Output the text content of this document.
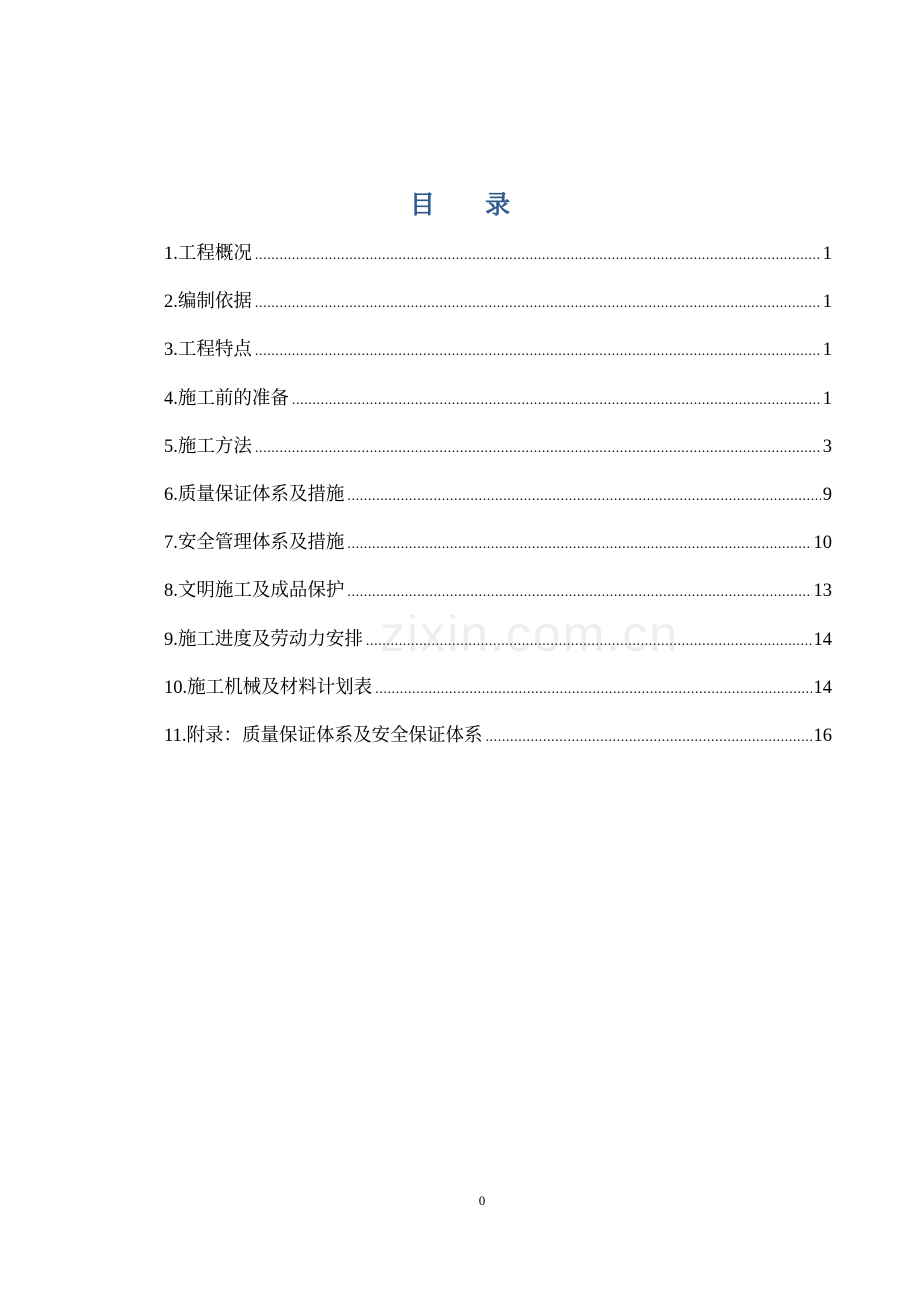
目 录
1.工程概况 .....	1
2.编制依据 .....	1
3.工程特点 .....	1
4.施工前的准备 .....	1
5.施工方法 .....	3
6.质量保证体系及措施 .....	9
7.安全管理体系及措施 .....	10
8.文明施工及成品保护 .....	13
9.施工进度及劳动力安排 .....	14
10.施工机械及材料计划表 .....	14
11.附录：质量保证体系及安全保证体系 .....	16
zixin.com.cn
0
